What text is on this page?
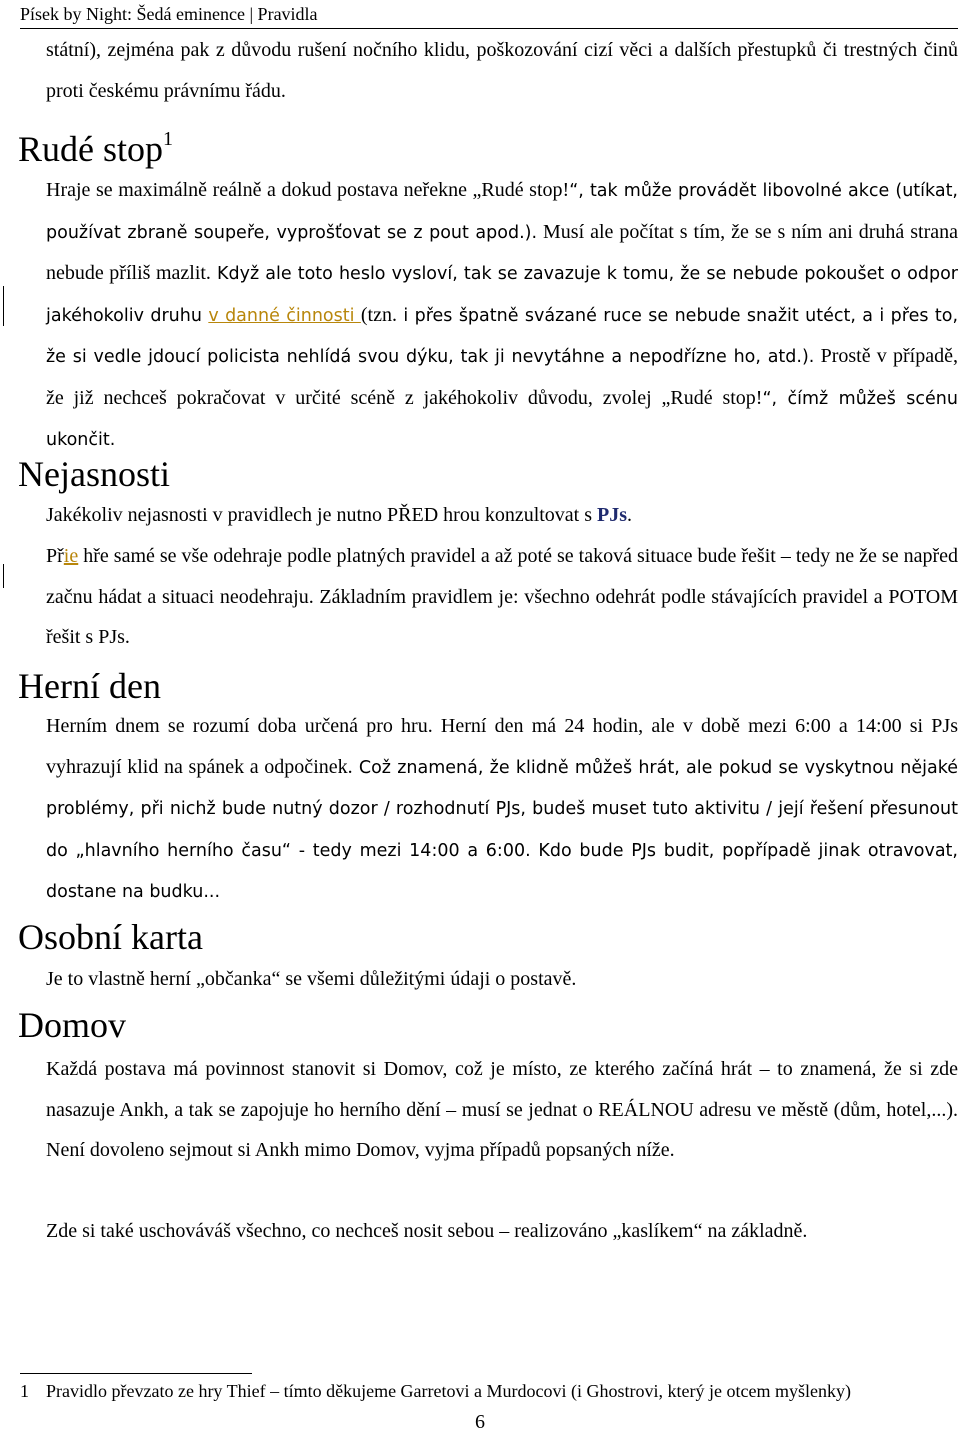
Písek by Night: Šedá eminence | Pravidla

státní), zejména pak z důvodu rušení nočního klidu, poškozování cizí věci a dalších přestupků či trestných činů proti českému právnímu řádu.

Rudé stop$^1$

Hraje se maximálně reálně a dokud postava neřekne „Rudé stop!“, tak může provádět libovolné akce (utíkat, používat zbraně soupeře, vyprošťovat se z pout apod.). Musí ale počítat s tím, že se s ním ani druhá strana nebude příliš mazlit. Když ale toto heslo vysloví, tak se zavazuje k tomu, že se nebude pokoušet o odpor jakéhokoliv druhu v danné činnosti (tzn. i přes špatně svázané ruce se nebude snažit utéct, a i přes to, že si vedle jdoucí policista nehlídá svou dýku, tak ji nevytáhne a nepodřízne ho, atd.). Prostě v případě, že již nechceš pokračovat v určité scéně z jakéhokoliv důvodu, zvolej „Rudé stop!“, čímž můžeš scénu ukončit.

Nejasnosti

Jakékoliv nejasnosti v pravidlech je nutno PŘED hrou konzultovat s PJs.

Přie hře samé se vše odehraje podle platných pravidel a až poté se taková situace bude řešit – tedy ne že se napřed začnu hádat a situaci neodehraju. Základním pravidlem je: všechno odehrát podle stávajících pravidel a POTOM řešit s PJs.

Herní den

Herním dnem se rozumí doba určená pro hru. Herní den má 24 hodin, ale v době mezi 6:00 a 14:00 si PJs vyhrazují klid na spánek a odpočinek. Což znamená, že klidně můžeš hrát, ale pokud se vyskytnou nějaké problémy, při nichž bude nutný dozor / rozhodnutí PJs, budeš muset tuto aktivitu / její řešení přesunout do „hlavního herního času“ - tedy mezi 14:00 a 6:00. Kdo bude PJs budit, popřípadě jinak otravovat, dostane na budku...

Osobní karta

Je to vlastně herní „občanka“ se všemi důležitými údaji o postavě.

Domov

Každá postava má povinnost stanovit si Domov, což je místo, ze kterého začíná hrát – to znamená, že si zde nasazuje Ankh, a tak se zapojuje ho herního dění – musí se jednat o REÁLNOU adresu ve městě (dům, hotel,...). Není dovoleno sejmout si Ankh mimo Domov, vyjma případů popsaných níže.

Zde si také uschováváš všechno, co nechceš nosit sebou – realizováno „kaslíkem“ na základně.

1 Pravidlo převzato ze hry Thief – tímto děkujeme Garretovi a Murdocovi (i Ghostrovi, který je otcem myšlenky)
6
